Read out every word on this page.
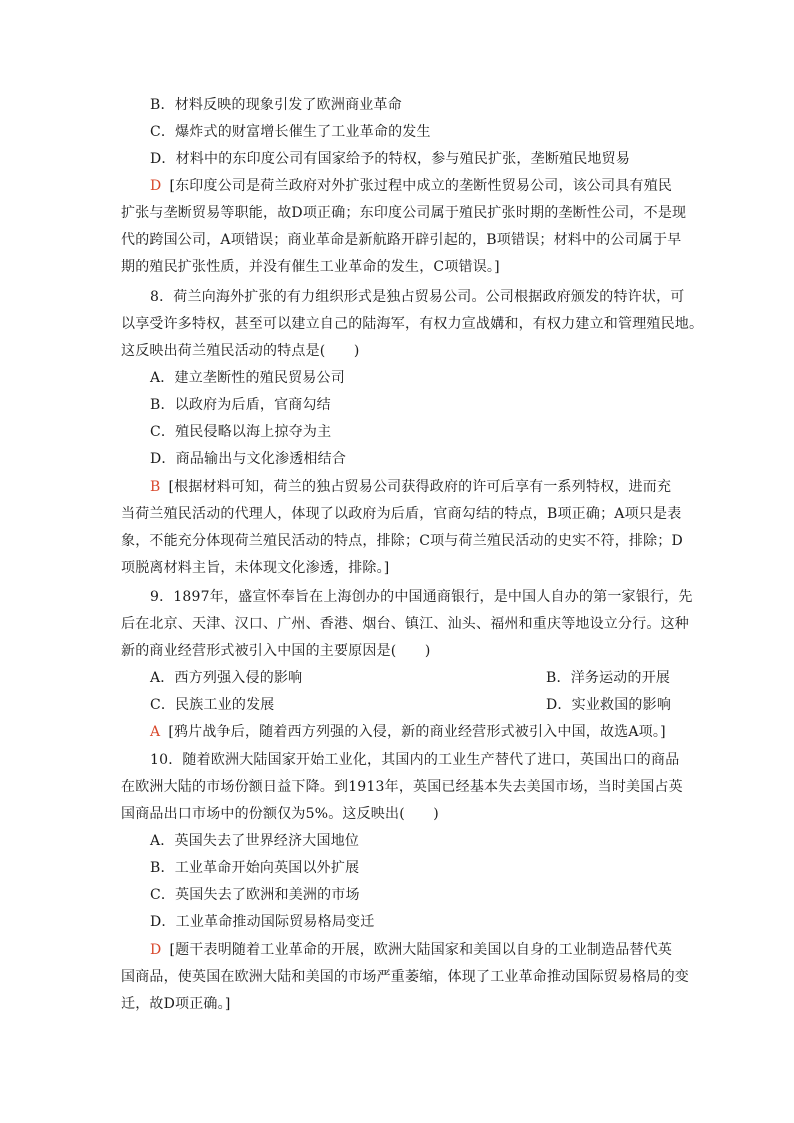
B．材料反映的现象引发了欧洲商业革命
C．爆炸式的财富增长催生了工业革命的发生
D．材料中的东印度公司有国家给予的特权，参与殖民扩张，垄断殖民地贸易
D [东印度公司是荷兰政府对外扩张过程中成立的垄断性贸易公司，该公司具有殖民
扩张与垄断贸易等职能，故D项正确；东印度公司属于殖民扩张时期的垄断性公司，不是现
代的跨国公司，A项错误；商业革命是新航路开辟引起的，B项错误；材料中的公司属于早
期的殖民扩张性质，并没有催生工业革命的发生，C项错误。]
8．荷兰向海外扩张的有力组织形式是独占贸易公司。公司根据政府颁发的特许状，可
以享受许多特权，甚至可以建立自己的陆海军，有权力宣战媾和，有权力建立和管理殖民地。
这反映出荷兰殖民活动的特点是(　　)
A．建立垄断性的殖民贸易公司
B．以政府为后盾，官商勾结
C．殖民侵略以海上掠夺为主
D．商品输出与文化渗透相结合
B [根据材料可知，荷兰的独占贸易公司获得政府的许可后享有一系列特权，进而充
当荷兰殖民活动的代理人，体现了以政府为后盾，官商勾结的特点，B项正确；A项只是表
象，不能充分体现荷兰殖民活动的特点，排除；C项与荷兰殖民活动的史实不符，排除；D
项脱离材料主旨，未体现文化渗透，排除。]
9．1897年，盛宣怀奉旨在上海创办的中国通商银行，是中国人自办的第一家银行，先
后在北京、天津、汉口、广州、香港、烟台、镇江、汕头、福州和重庆等地设立分行。这种
新的商业经营形式被引入中国的主要原因是(　　)
A．西方列强入侵的影响	B．洋务运动的开展
C．民族工业的发展	D．实业救国的影响
A [鸦片战争后，随着西方列强的入侵，新的商业经营形式被引入中国，故选A项。]
10．随着欧洲大陆国家开始工业化，其国内的工业生产替代了进口，英国出口的商品
在欧洲大陆的市场份额日益下降。到1913年，英国已经基本失去美国市场，当时美国占英
国商品出口市场中的份额仅为5%。这反映出(　　)
A．英国失去了世界经济大国地位
B．工业革命开始向英国以外扩展
C．英国失去了欧洲和美洲的市场
D．工业革命推动国际贸易格局变迁
D [题干表明随着工业革命的开展，欧洲大陆国家和美国以自身的工业制造品替代英
国商品，使英国在欧洲大陆和美国的市场严重萎缩，体现了工业革命推动国际贸易格局的变
迁，故D项正确。]
